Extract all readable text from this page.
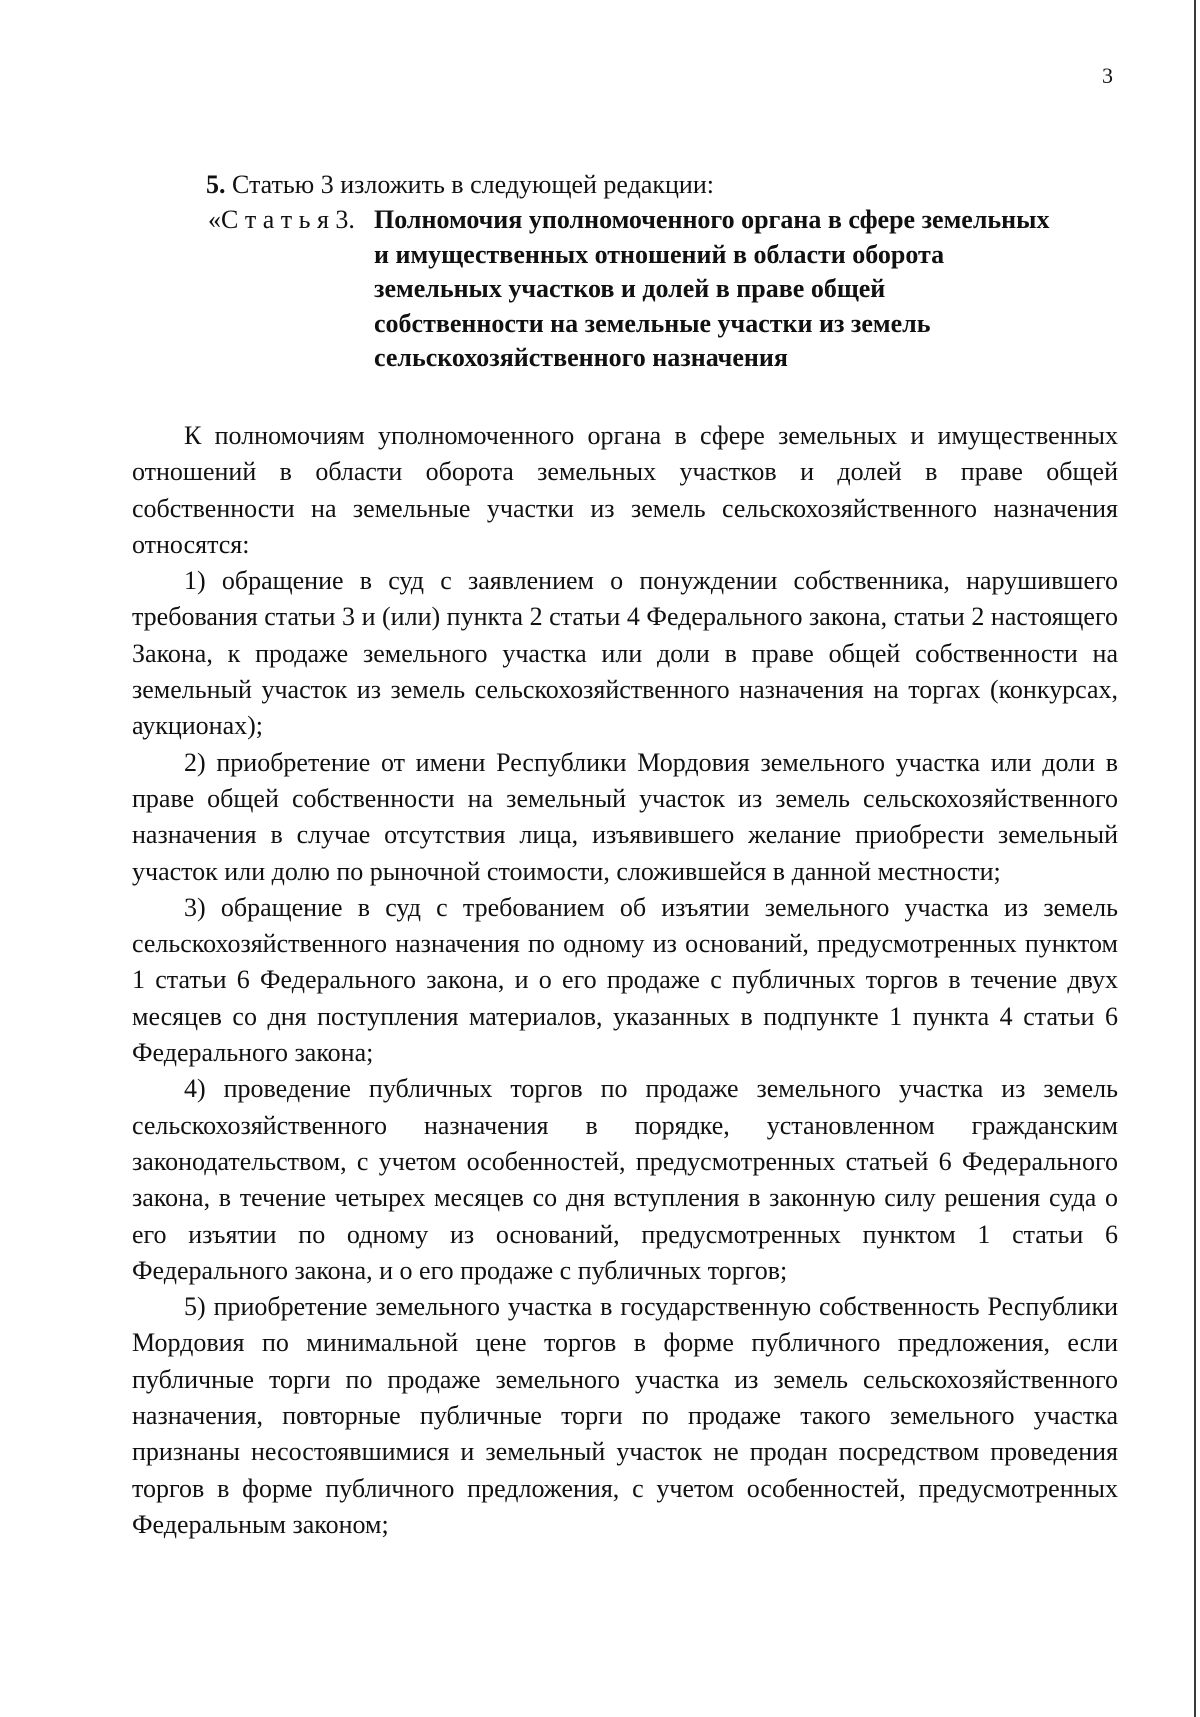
3
5. Статью 3 изложить в следующей редакции:
«С т а т ь я 3. Полномочия уполномоченного органа в сфере земельных
и имущественных отношений в области оборота
земельных участков и долей в праве общей
собственности на земельные участки из земель
сельскохозяйственного назначения

К полномочиям уполномоченного органа в сфере земельных и имущественных отношений в области оборота земельных участков и долей в праве общей собственности на земельные участки из земель сельскохозяйственного назначения относятся:

1) обращение в суд с заявлением о понуждении собственника, нарушившего требования статьи 3 и (или) пункта 2 статьи 4 Федерального закона, статьи 2 настоящего Закона, к продаже земельного участка или доли в праве общей собственности на земельный участок из земель сельскохозяйственного назначения на торгах (конкурсах, аукционах);

2) приобретение от имени Республики Мордовия земельного участка или доли в праве общей собственности на земельный участок из земель сельскохозяйственного назначения в случае отсутствия лица, изъявившего желание приобрести земельный участок или долю по рыночной стоимости, сложившейся в данной местности;

3) обращение в суд с требованием об изъятии земельного участка из земель сельскохозяйственного назначения по одному из оснований, предусмотренных пунктом 1 статьи 6 Федерального закона, и о его продаже с публичных торгов в течение двух месяцев со дня поступления материалов, указанных в подпункте 1 пункта 4 статьи 6 Федерального закона;

4) проведение публичных торгов по продаже земельного участка из земель сельскохозяйственного назначения в порядке, установленном гражданским законодательством, с учетом особенностей, предусмотренных статьей 6 Федерального закона, в течение четырех месяцев со дня вступления в законную силу решения суда о его изъятии по одному из оснований, предусмотренных пунктом 1 статьи 6 Федерального закона, и о его продаже с публичных торгов;

5) приобретение земельного участка в государственную собственность Республики Мордовия по минимальной цене торгов в форме публичного предложения, если публичные торги по продаже земельного участка из земель сельскохозяйственного назначения, повторные публичные торги по продаже такого земельного участка признаны несостоявшимися и земельный участок не продан посредством проведения торгов в форме публичного предложения, с учетом особенностей, предусмотренных Федеральным законом;
